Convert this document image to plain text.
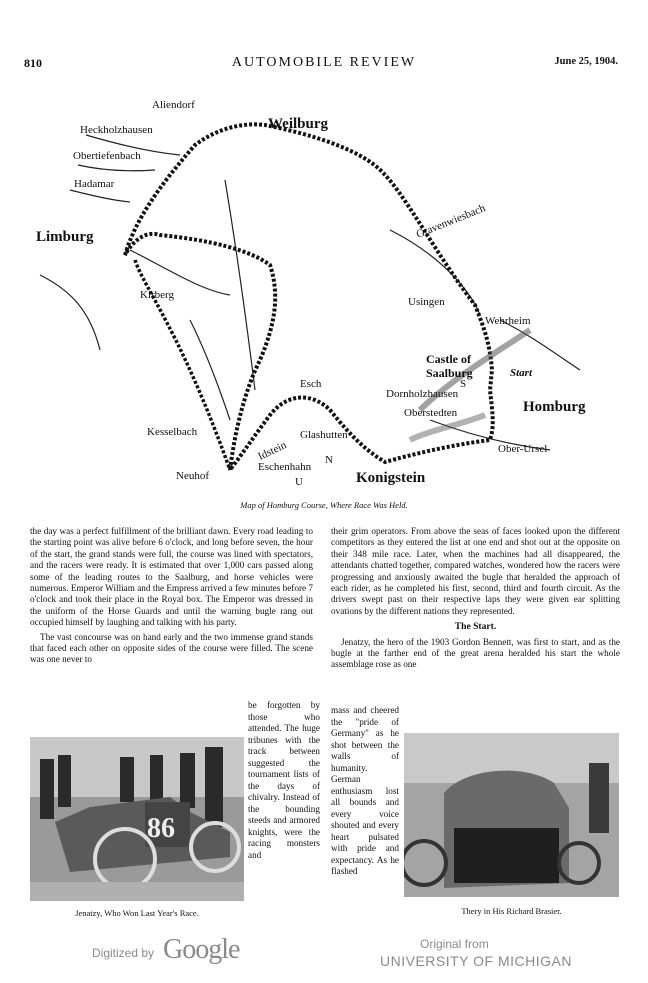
810	AUTOMOBILE REVIEW	June 25, 1904.
Aliendorf
Heckholzhausen
Obertiefenbach
Hadamar
Weilburg
Limburg	Gravenwiesbach
Usingen
Wehrheim
Castle of
Saalburg	Start
Kirberg
Esch
Dornholzhausen
Oberstedten	Homburg
Kesselbach	Glashutten
Idstein	Ober-Ursel
Neuhof
Eschenhahn
Konigstein
S
U
N
Map of Homburg Course, Where Race Was Held.

the day was a perfect fulfillment of the brilliant dawn. Every road leading to the starting point was alive before 6 o'clock, and long before seven, the hour of the start, the grand stands were full, the course was lined with spectators, and the racers were ready. It is estimated that over 1,000 cars passed along some of the leading routes to the Saalburg, and horse vehicles were numerous. Emperor William and the Empress arrived a few minutes before 7 o'clock and took their place in the Royal box. The Emperor was dressed in the uniform of the Horse Guards and until the warning bugle rang out occupied himself by laughing and talking with his party.

The vast concourse was on hand early and the two immense grand stands that faced each other on opposite sides of the course were filled. The scene was one never to

be forgotten by those who attended. The huge tribunes with the track between suggested the tournament lists of the days of chivalry. Instead of the bounding steeds and armored knights, were the racing monsters and

their grim operators. From above the seas of faces looked upon the different competitors as they entered the list at one end and shot out at the opposite on their 348 mile race. Later, when the machines had all disappeared, the attendants chatted together, compared watches, wondered how the racers were progressing and anxiously awaited the bugle that heralded the approach of each rider, as he completed his first, second, third and fourth circuit. As the drivers swept past on their respective laps they were given ear splitting ovations by the different nations they represented.

The Start.

Jenatzy, the hero of the 1903 Gordon Bennett, was first to start, and as the bugle at the farther end of the great arena heralded his start the whole assemblage rose as one

mass and cheered the "pride of Germany" as he shot between the walls of humanity. German enthusiasm lost all bounds and every voice shouted and every heart pulsated with pride and expectancy. As he flashed
86
Jenatzy, Who Won Last Year's Race.	Thery in His Richard Brasier.
Digitized by Google	Original from
UNIVERSITY OF MICHIGAN
